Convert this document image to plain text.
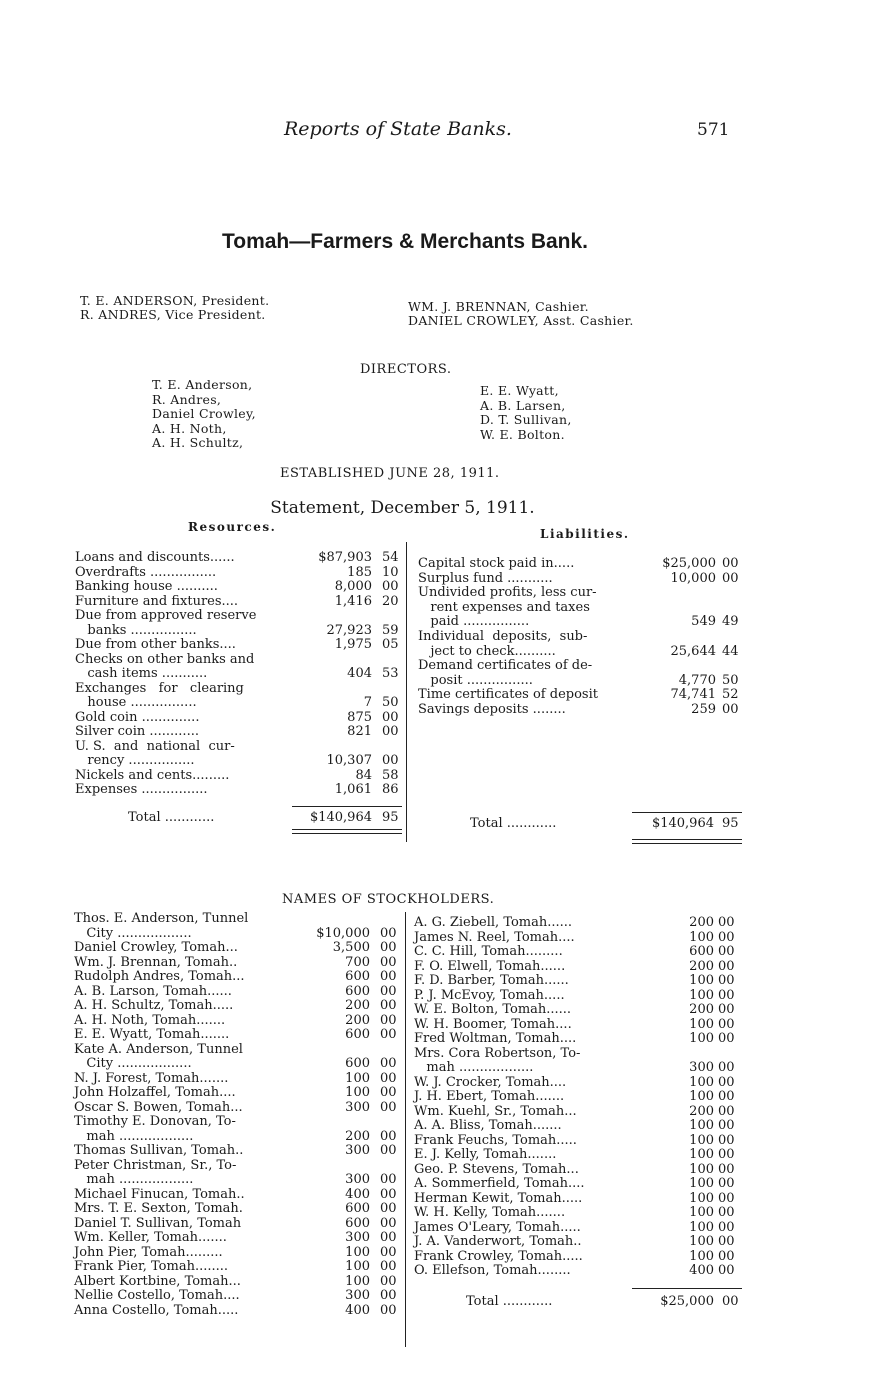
Reports of State Banks.	571
Tomah—Farmers & Merchants Bank.
T. E. ANDERSON, President.
R. ANDRES, Vice President.
WM. J. BRENNAN, Cashier.
DANIEL CROWLEY, Asst. Cashier.
DIRECTORS.
T. E. Anderson,
R. Andres,
Daniel Crowley,
A. H. Noth,
A. H. Schultz,
E. E. Wyatt,
A. B. Larsen,
D. T. Sullivan,
W. E. Bolton.
ESTABLISHED JUNE 28, 1911.
Statement, December 5, 1911.
Resources.	Liabilities.
Loans and discounts......	$87,903 54
Overdrafts ................	185 10
Banking house ..........	8,000 00
Furniture and fixtures....	1,416 20
Due from approved reserve
banks ................	27,923 59
Due from other banks....	1,975 05
Checks on other banks and
cash items ...........	404 53
Exchanges   for   clearing
house ................	7 50
Gold coin ..............	875 00
Silver coin ............	821 00
U. S.  and  national  cur-
rency ................	10,307 00
Nickels and cents.........	84 58
Expenses ................	1,061 86
Capital stock paid in.....	$25,000 00
Surplus fund ...........	10,000 00
Undivided profits, less cur-
rent expenses and taxes
paid ................	549 49
Individual  deposits,  sub-
ject to check..........	25,644 44
Demand certificates of de-
posit ................	4,770 50
Time certificates of deposit	74,741 52
Savings deposits ........	259 00
Total ............	$140,964 95	Total ............	$140,964 95
NAMES OF STOCKHOLDERS.
Thos. E. Anderson, Tunnel
City ..................	$10,000 00
Daniel Crowley, Tomah...	3,500 00
Wm. J. Brennan, Tomah..	700 00
Rudolph Andres, Tomah...	600 00
A. B. Larson, Tomah......	600 00
A. H. Schultz, Tomah.....	200 00
A. H. Noth, Tomah.......	200 00
E. E. Wyatt, Tomah.......	600 00
Kate A. Anderson, Tunnel
City ..................	600 00
N. J. Forest, Tomah.......	100 00
John Holzaffel, Tomah....	100 00
Oscar S. Bowen, Tomah...	300 00
Timothy E. Donovan, To-
mah ..................	200 00
Thomas Sullivan, Tomah..	300 00
Peter Christman, Sr., To-
mah ..................	300 00
Michael Finucan, Tomah..	400 00
Mrs. T. E. Sexton, Tomah.	600 00
Daniel T. Sullivan, Tomah	600 00
Wm. Keller, Tomah.......	300 00
John Pier, Tomah.........	100 00
Frank Pier, Tomah........	100 00
Albert Kortbine, Tomah...	100 00
Nellie Costello, Tomah....	300 00
Anna Costello, Tomah.....	400 00
A. G. Ziebell, Tomah......	200 00
James N. Reel, Tomah....	100 00
C. C. Hill, Tomah.........	600 00
F. O. Elwell, Tomah......	200 00
F. D. Barber, Tomah......	100 00
P. J. McEvoy, Tomah.....	100 00
W. E. Bolton, Tomah......	200 00
W. H. Boomer, Tomah....	100 00
Fred Woltman, Tomah....	100 00
Mrs. Cora Robertson, To-
mah ..................	300 00
W. J. Crocker, Tomah....	100 00
J. H. Ebert, Tomah.......	100 00
Wm. Kuehl, Sr., Tomah...	200 00
A. A. Bliss, Tomah.......	100 00
Frank Feuchs, Tomah.....	100 00
E. J. Kelly, Tomah.......	100 00
Geo. P. Stevens, Tomah...	100 00
A. Sommerfield, Tomah....	100 00
Herman Kewit, Tomah.....	100 00
W. H. Kelly, Tomah.......	100 00
James O'Leary, Tomah.....	100 00
J. A. Vanderwort, Tomah..	100 00
Frank Crowley, Tomah.....	100 00
O. Ellefson, Tomah........	400 00
Total ............	$25,000 00
